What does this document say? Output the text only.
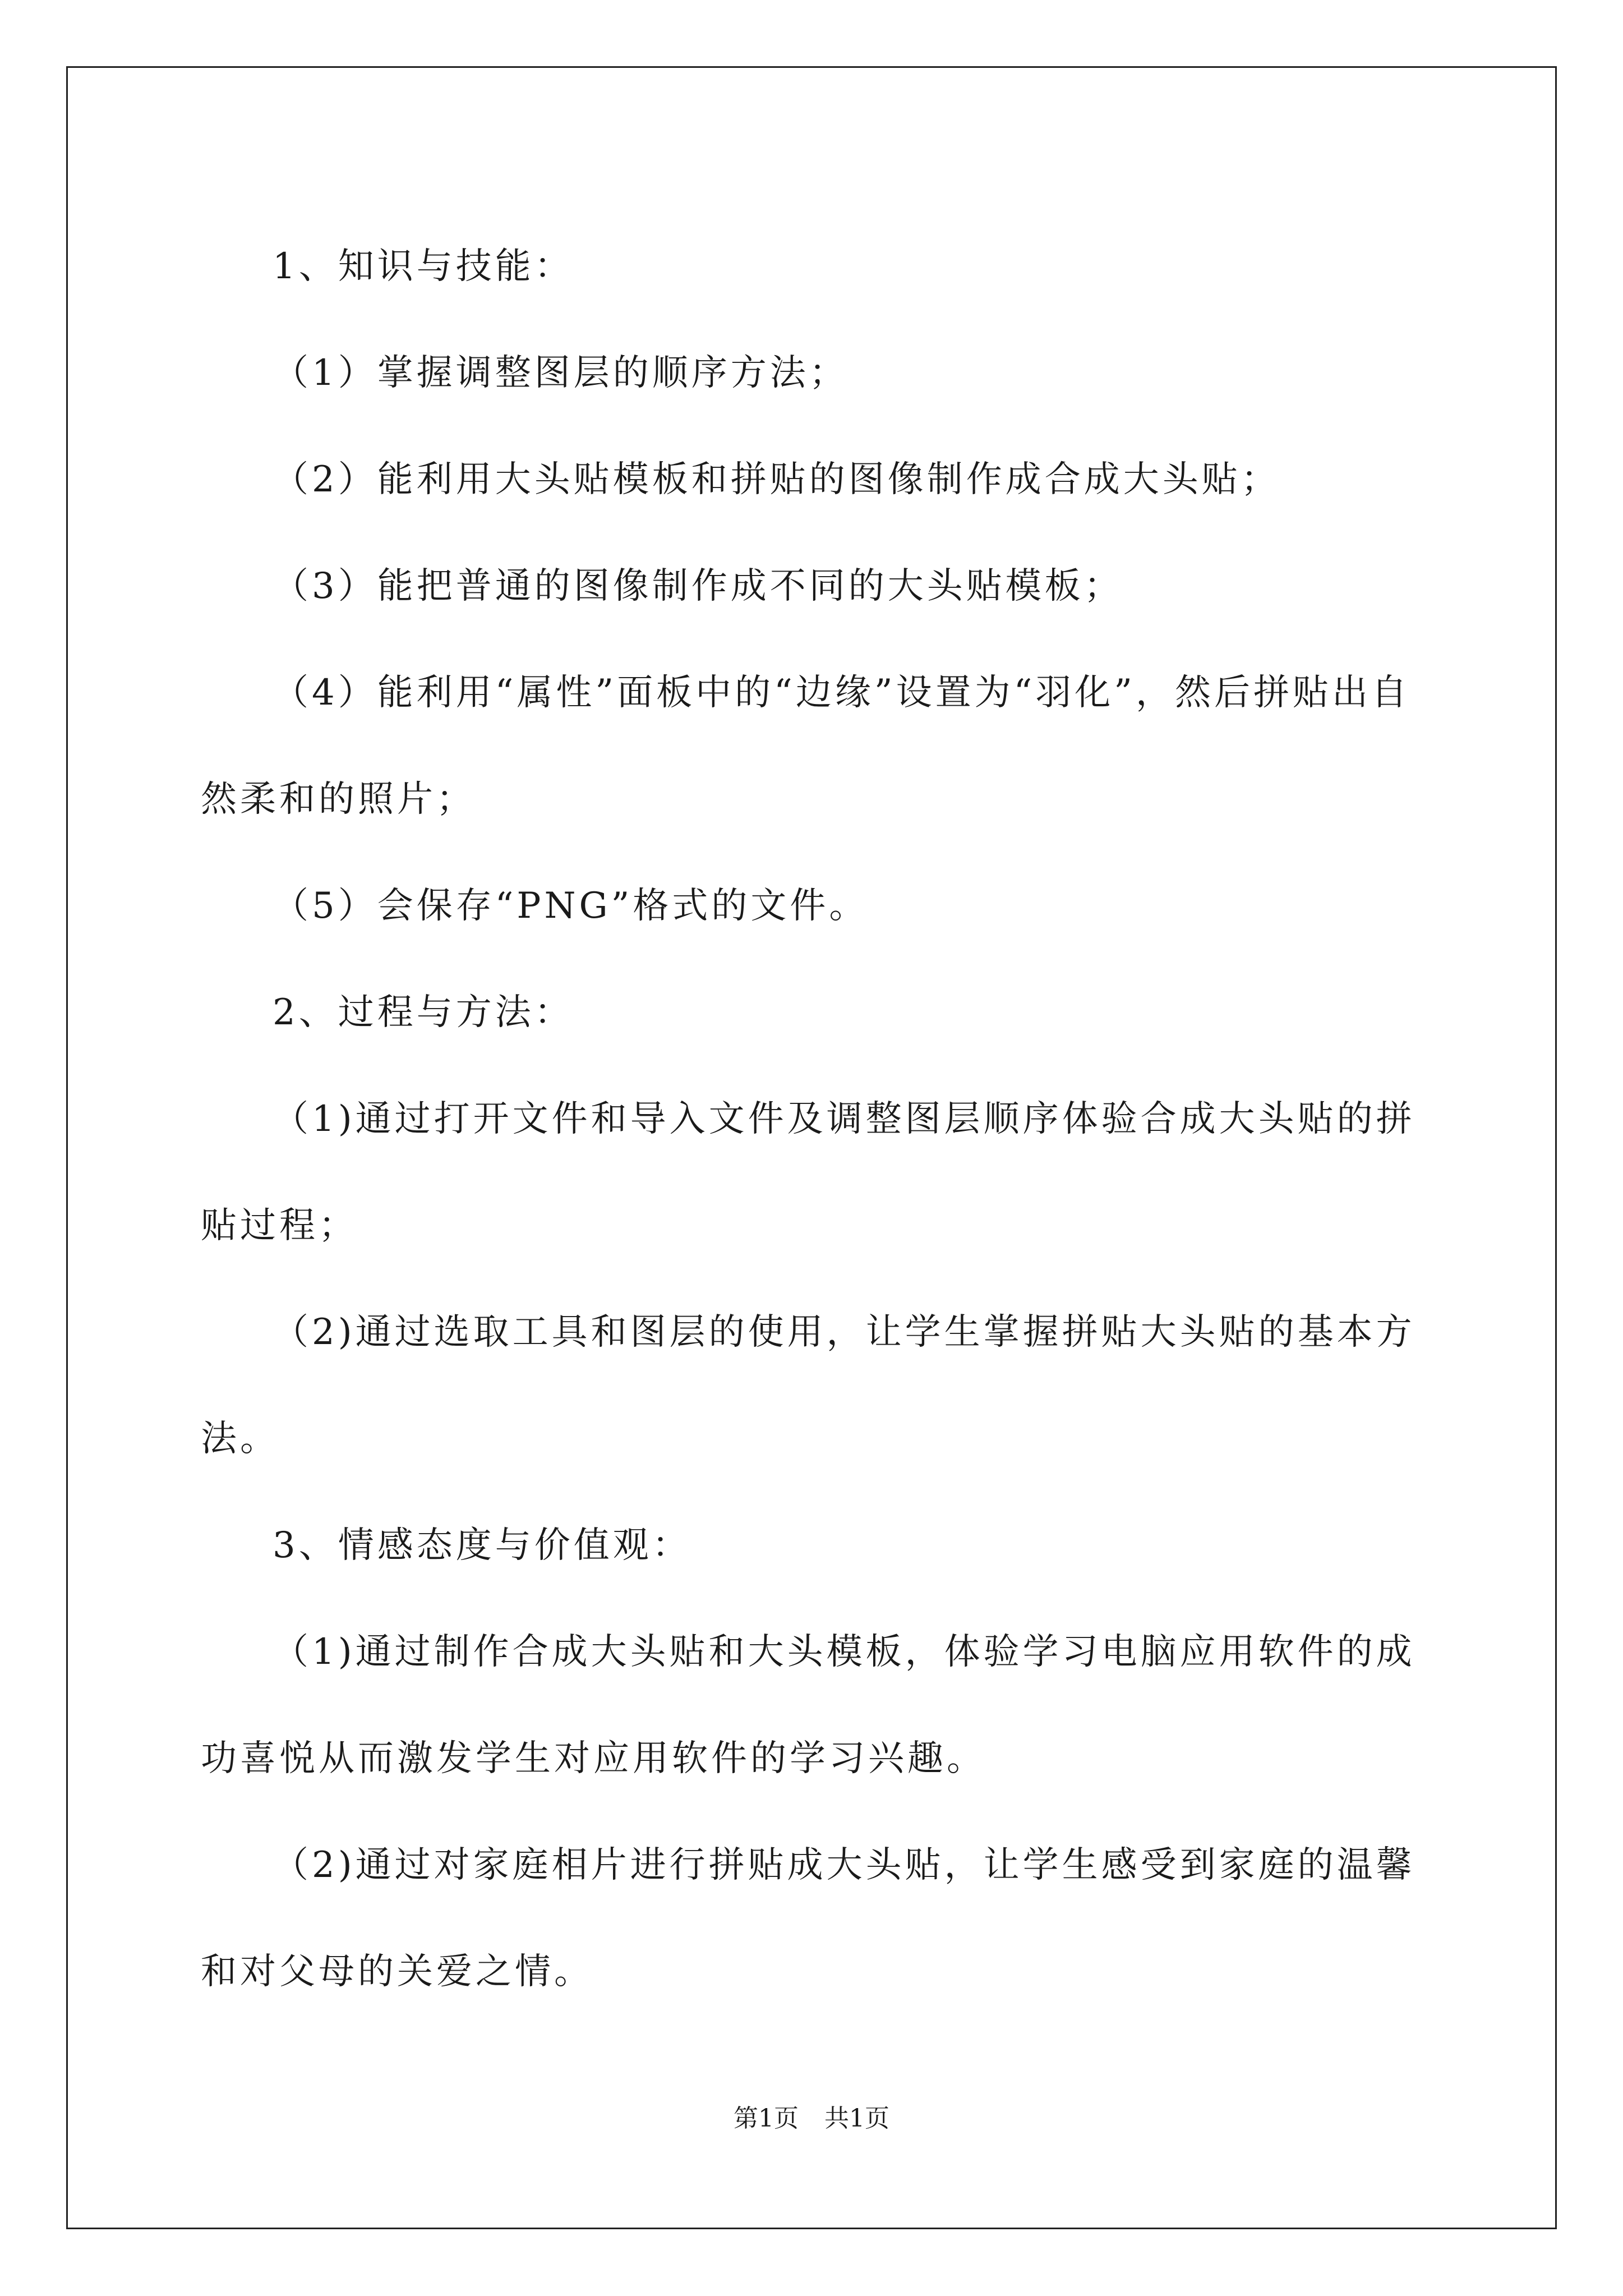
1、知识与技能：

（1）掌握调整图层的顺序方法；

（2）能利用大头贴模板和拼贴的图像制作成合成大头贴；

（3）能把普通的图像制作成不同的大头贴模板；

（4）能利用“属性”面板中的“边缘”设置为“羽化”，然后拼贴出自然柔和的照片；

（5）会保存“PNG”格式的文件。

2、过程与方法：

（1)通过打开文件和导入文件及调整图层顺序体验合成大头贴的拼贴过程；

（2)通过选取工具和图层的使用，让学生掌握拼贴大头贴的基本方法。

3、情感态度与价值观：

（1)通过制作合成大头贴和大头模板，体验学习电脑应用软件的成功喜悦从而激发学生对应用软件的学习兴趣。

（2)通过对家庭相片进行拼贴成大头贴，让学生感受到家庭的温馨和对父母的关爱之情。

第1页 共1页
